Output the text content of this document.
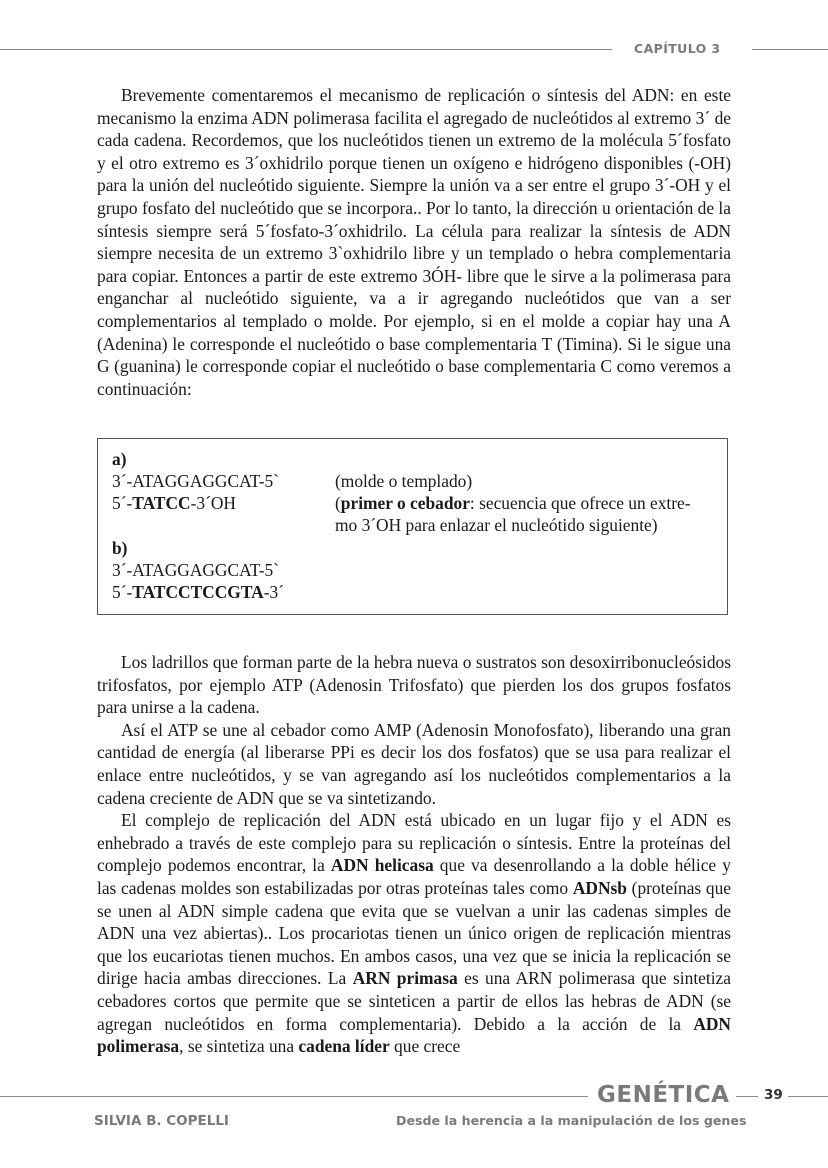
CAPÍTULO 3

Brevemente comentaremos el mecanismo de replicación o síntesis del ADN: en este mecanismo la enzima ADN polimerasa facilita el agregado de nucleótidos al extremo 3´ de cada cadena. Recordemos, que los nucleótidos tienen un extremo de la molécula 5´fosfato y el otro extremo es 3´oxhidrilo porque tienen un oxígeno e hidrógeno disponibles (-OH) para la unión del nucleótido siguiente. Siempre la unión va a ser entre el grupo 3´-OH y el grupo fosfato del nucleótido que se incorpora.. Por lo tanto, la dirección u orientación de la síntesis siempre será 5´fosfato-3´oxhidrilo. La célula para realizar la síntesis de ADN siempre necesita de un extremo 3`oxhidrilo libre y un templado o hebra complementaria para copiar. Entonces a partir de este extremo 3ÓH- libre que le sirve a la polimerasa para enganchar al nucleótido siguiente, va a ir agregando nucleótidos que van a ser complementarios al templado o molde. Por ejemplo, si en el molde a copiar hay una A (Adenina) le corresponde el nucleótido o base complementaria T (Timina). Si le sigue una G (guanina) le corresponde copiar el nucleótido o base complementaria C como veremos a continuación:

a)
3´-ATAGGAGGCAT-5`	(molde o templado)
5´-TATCC-3´OH	(primer o cebador: secuencia que ofrece un extre-
mo 3´OH para enlazar el nucleótido siguiente)
b)
3´-ATAGGAGGCAT-5`
5´-TATCCTCCGTA-3´

Los ladrillos que forman parte de la hebra nueva o sustratos son desoxirribonucleósidos trifosfatos, por ejemplo ATP (Adenosin Trifosfato) que pierden los dos grupos fosfatos para unirse a la cadena.

Así el ATP se une al cebador como AMP (Adenosin Monofosfato), liberando una gran cantidad de energía (al liberarse PPi es decir los dos fosfatos) que se usa para realizar el enlace entre nucleótidos, y se van agregando así los nucleótidos complementarios a la cadena creciente de ADN que se va sintetizando.

El complejo de replicación del ADN está ubicado en un lugar fijo y el ADN es enhebrado a través de este complejo para su replicación o síntesis. Entre la proteínas del complejo podemos encontrar, la ADN helicasa que va desenrollando a la doble hélice y las cadenas moldes son estabilizadas por otras proteínas tales como ADNsb (proteínas que se unen al ADN simple cadena que evita que se vuelvan a unir las cadenas simples de ADN una vez abiertas).. Los procariotas tienen un único origen de replicación mientras que los eucariotas tienen muchos. En ambos casos, una vez que se inicia la replicación se dirige hacia ambas direcciones. La ARN primasa es una ARN polimerasa que sintetiza cebadores cortos que permite que se sinteticen a partir de ellos las hebras de ADN (se agregan nucleótidos en forma complementaria). Debido a la acción de la ADN polimerasa, se sintetiza una cadena líder que crece

GENÉTICA	39
SILVIA B. COPELLI	Desde la herencia a la manipulación de los genes
